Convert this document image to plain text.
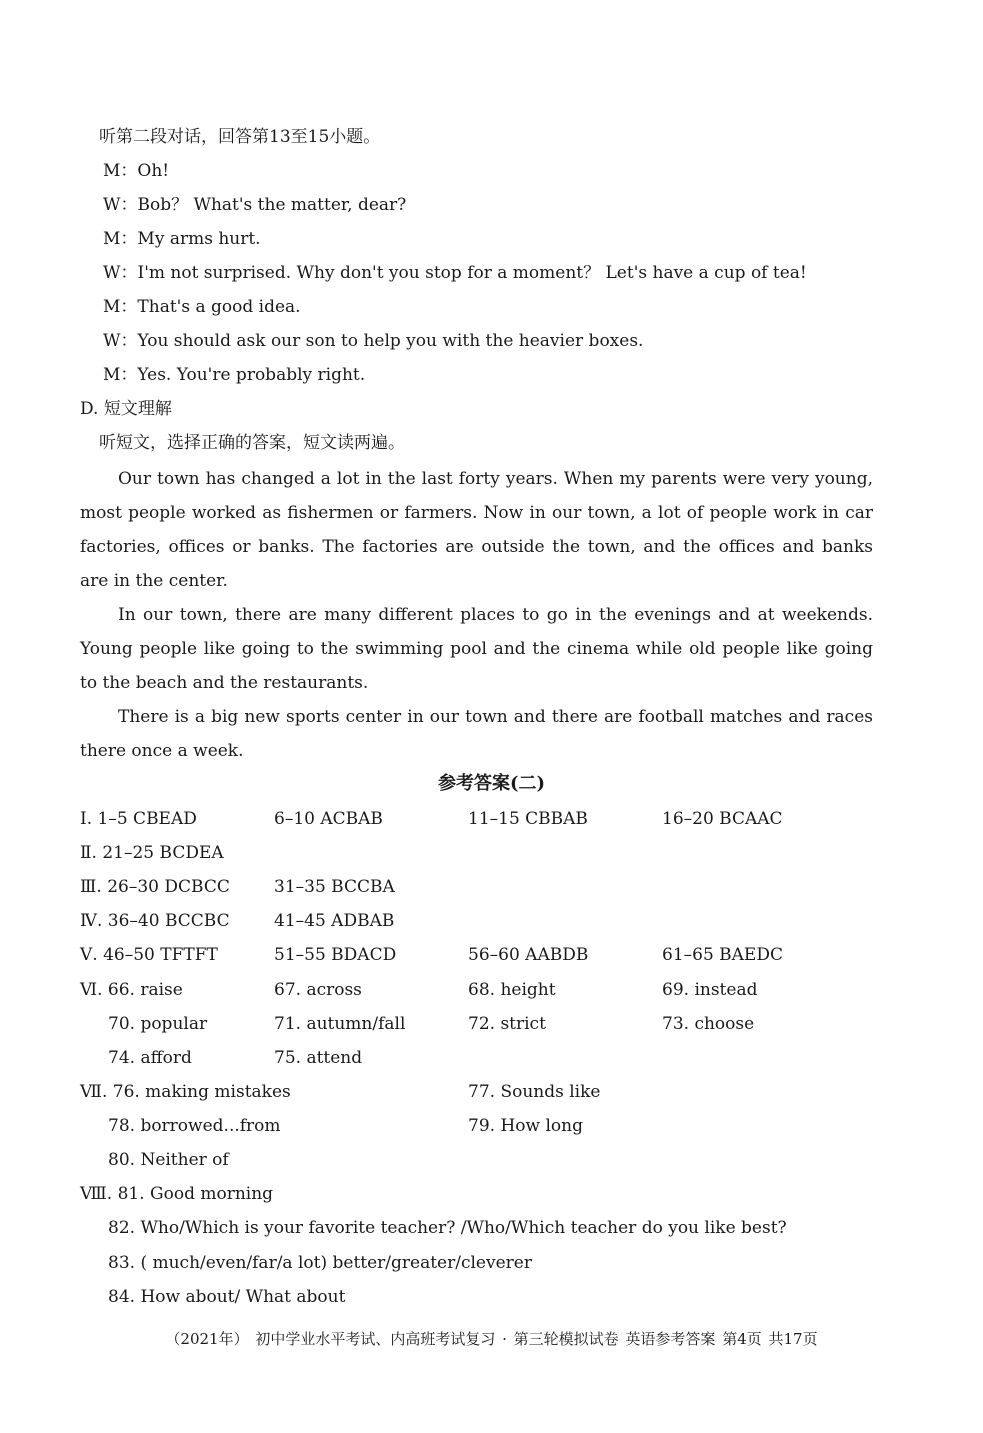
听第二段对话，回答第13至15小题。
M：Oh!
W：Bob？ What's the matter, dear?
M：My arms hurt.
W：I'm not surprised. Why don't you stop for a moment？ Let's have a cup of tea!
M：That's a good idea.
W：You should ask our son to help you with the heavier boxes.
M：Yes. You're probably right.
D. 短文理解
听短文，选择正确的答案，短文读两遍。

Our town has changed a lot in the last forty years. When my parents were very young, most people worked as fishermen or farmers. Now in our town, a lot of people work in car factories, offices or banks. The factories are outside the town, and the offices and banks are in the center.

In our town, there are many different places to go in the evenings and at weekends. Young people like going to the swimming pool and the cinema while old people like going to the beach and the restaurants.

There is a big new sports center in our town and there are football matches and races there once a week.

参考答案(二)
Ⅰ. 1–5 CBEAD	6–10 ACBAB	11–15 CBBAB	16–20 BCAAC
Ⅱ. 21–25 BCDEA
Ⅲ. 26–30 DCBCC	31–35 BCCBA
Ⅳ. 36–40 BCCBC	41–45 ADBAB
Ⅴ. 46–50 TFTFT	51–55 BDACD	56–60 AABDB	61–65 BAEDC
Ⅵ. 66. raise	67. across	68. height	69. instead
70. popular	71. autumn/fall	72. strict	73. choose
74. afford	75. attend
Ⅶ. 76. making mistakes	77. Sounds like
78. borrowed...from	79. How long
80. Neither of
Ⅷ. 81. Good morning
82. Who/Which is your favorite teacher? /Who/Which teacher do you like best?
83. ( much/even/far/a lot) better/greater/cleverer
84. How about/ What about
（2021年） 初中学业水平考试、内高班考试复习 · 第三轮模拟试卷 英语参考答案 第4页 共17页
